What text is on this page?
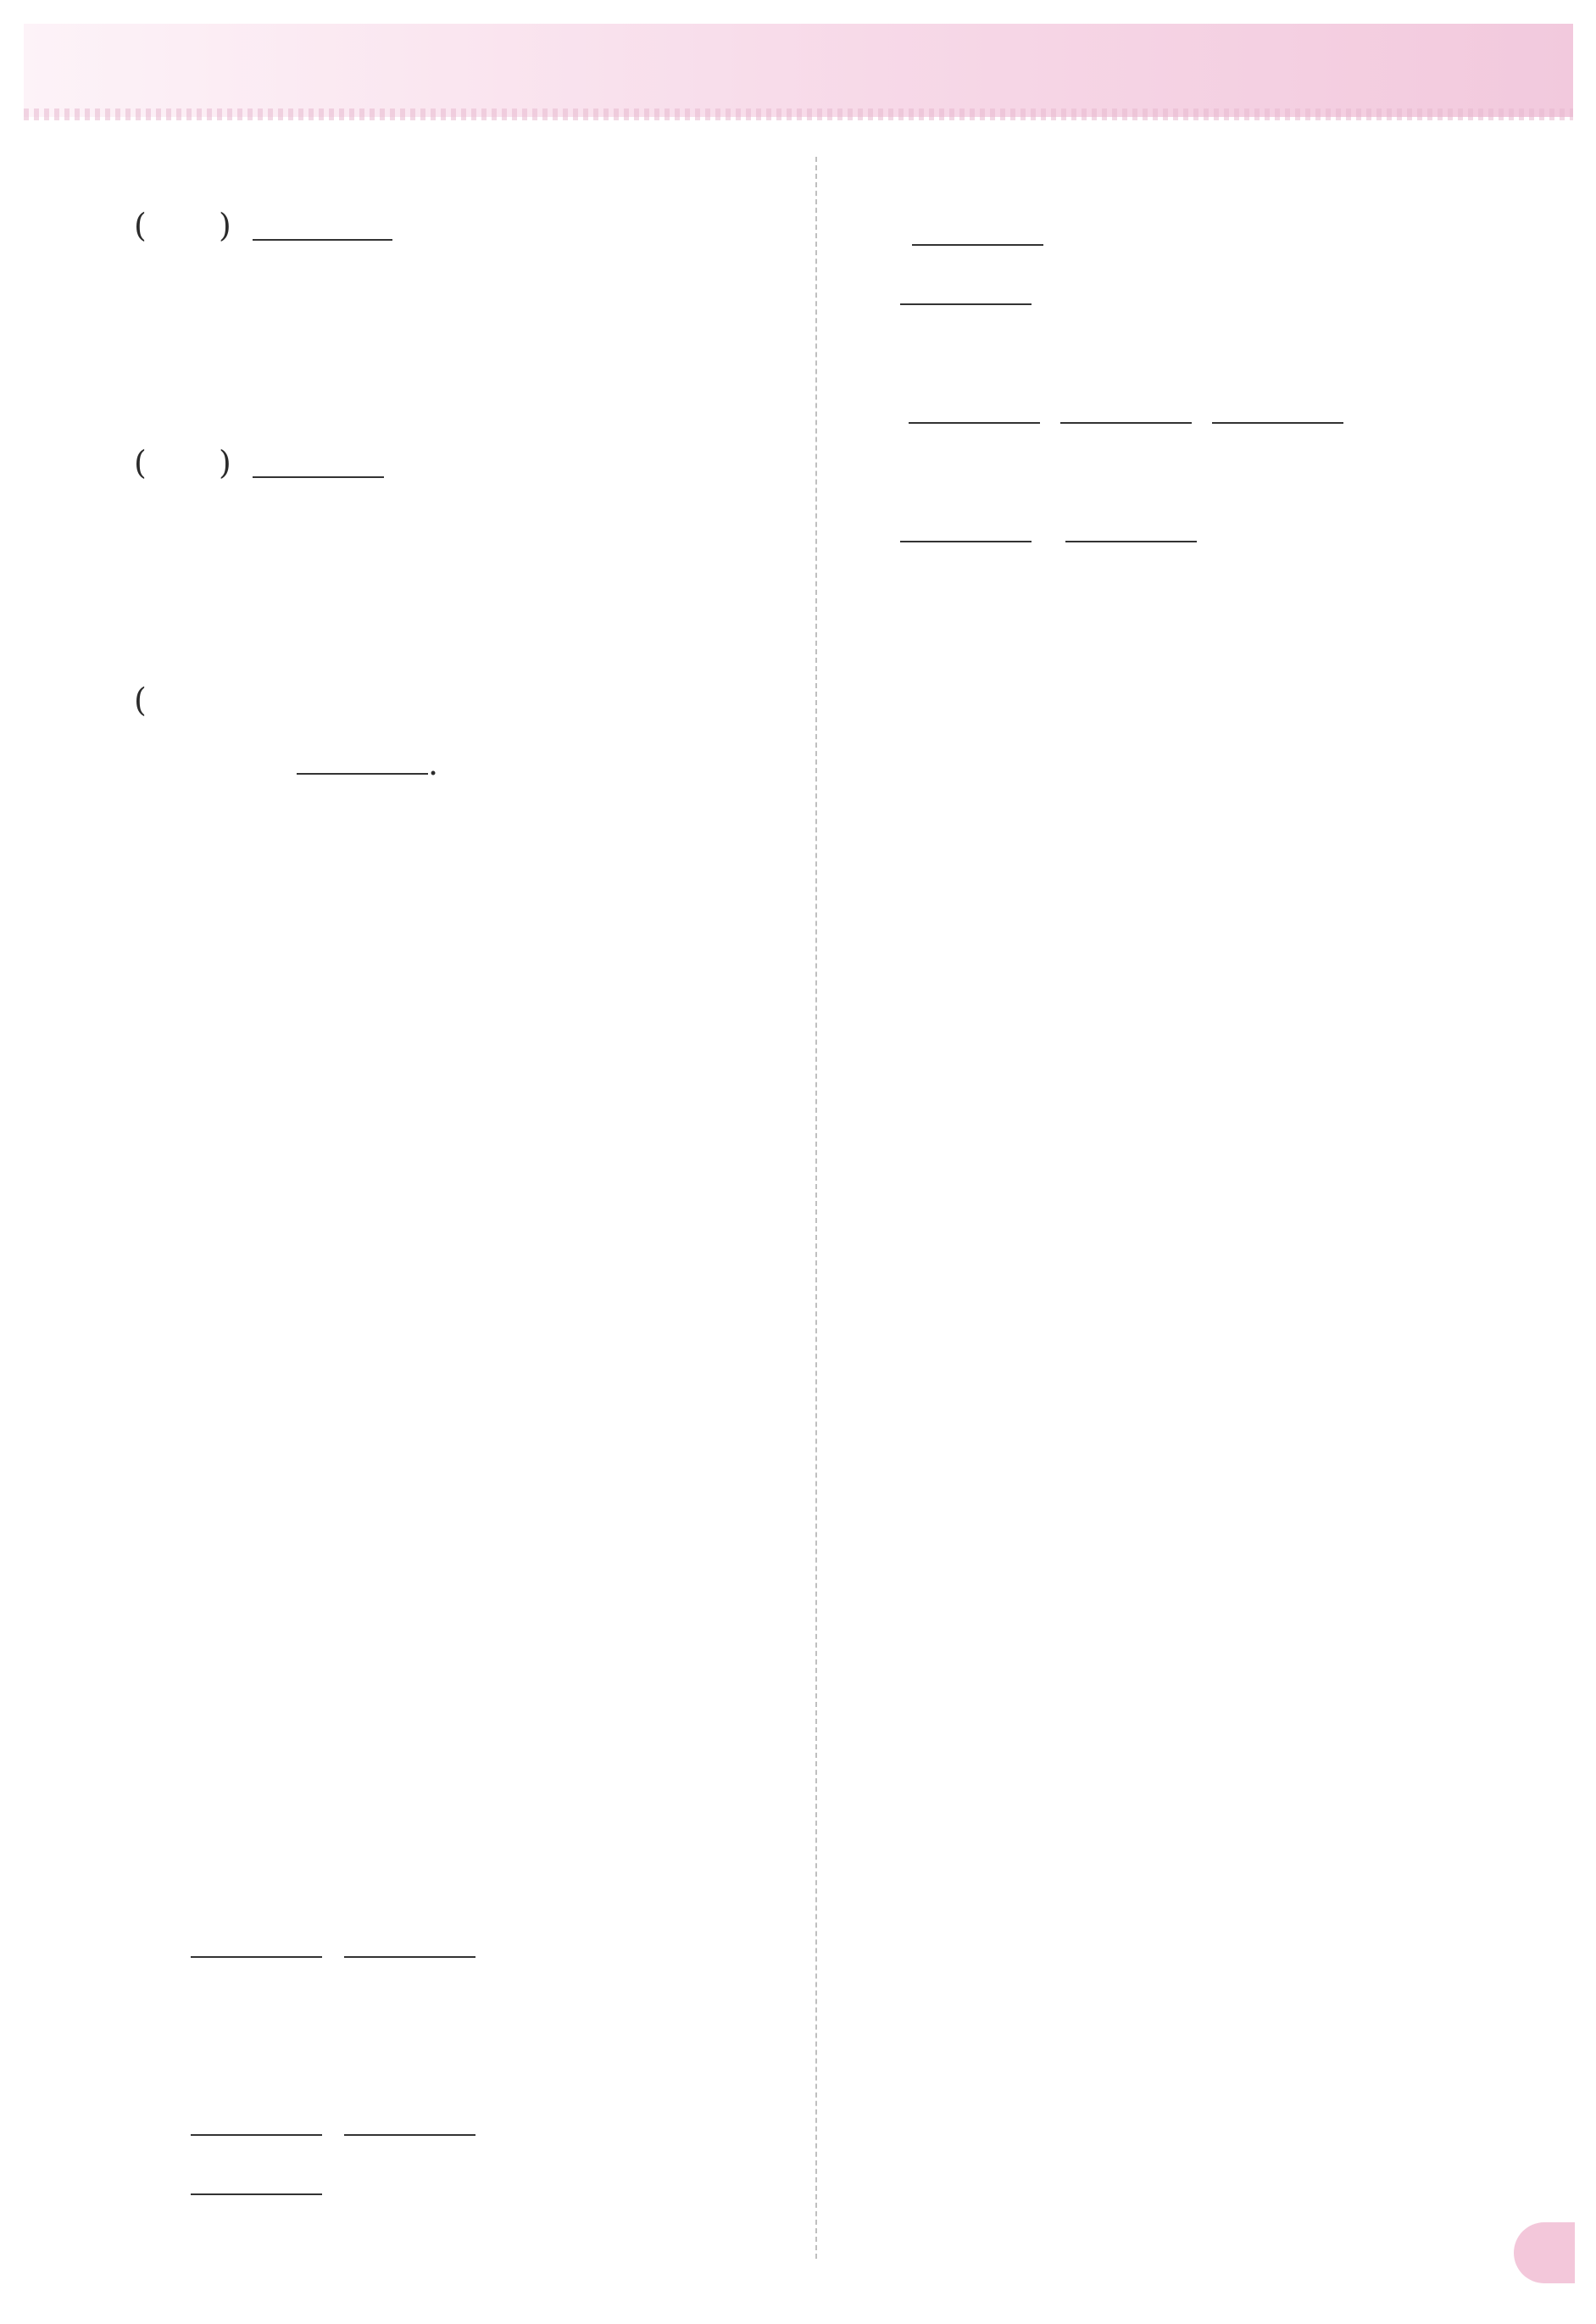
( )
( )
(
.
